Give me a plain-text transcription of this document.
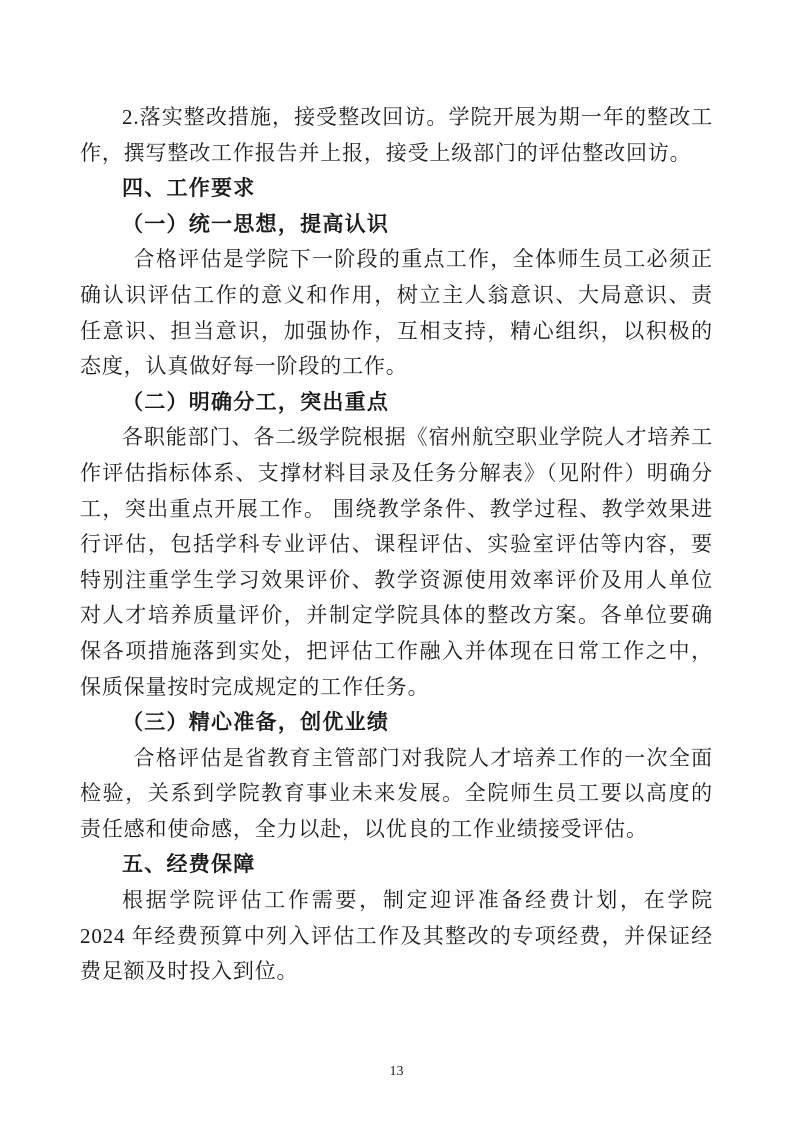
2.落实整改措施，接受整改回访。学院开展为期一年的整改工作，撰写整改工作报告并上报，接受上级部门的评估整改回访。

四、工作要求
（一）统一思想，提高认识

合格评估是学院下一阶段的重点工作，全体师生员工必须正确认识评估工作的意义和作用，树立主人翁意识、大局意识、责任意识、担当意识，加强协作，互相支持，精心组织，以积极的态度，认真做好每一阶段的工作。

（二）明确分工，突出重点

各职能部门、各二级学院根据《宿州航空职业学院人才培养工作评估指标体系、支撑材料目录及任务分解表》（见附件）明确分工，突出重点开展工作。 围绕教学条件、教学过程、教学效果进行评估，包括学科专业评估、课程评估、实验室评估等内容，要特别注重学生学习效果评价、教学资源使用效率评价及用人单位对人才培养质量评价，并制定学院具体的整改方案。各单位要确保各项措施落到实处，把评估工作融入并体现在日常工作之中，保质保量按时完成规定的工作任务。

（三）精心准备，创优业绩

合格评估是省教育主管部门对我院人才培养工作的一次全面检验，关系到学院教育事业未来发展。全院师生员工要以高度的责任感和使命感，全力以赴，以优良的工作业绩接受评估。

五、经费保障

根据学院评估工作需要，制定迎评准备经费计划，在学院 2024 年经费预算中列入评估工作及其整改的专项经费，并保证经费足额及时投入到位。

13
